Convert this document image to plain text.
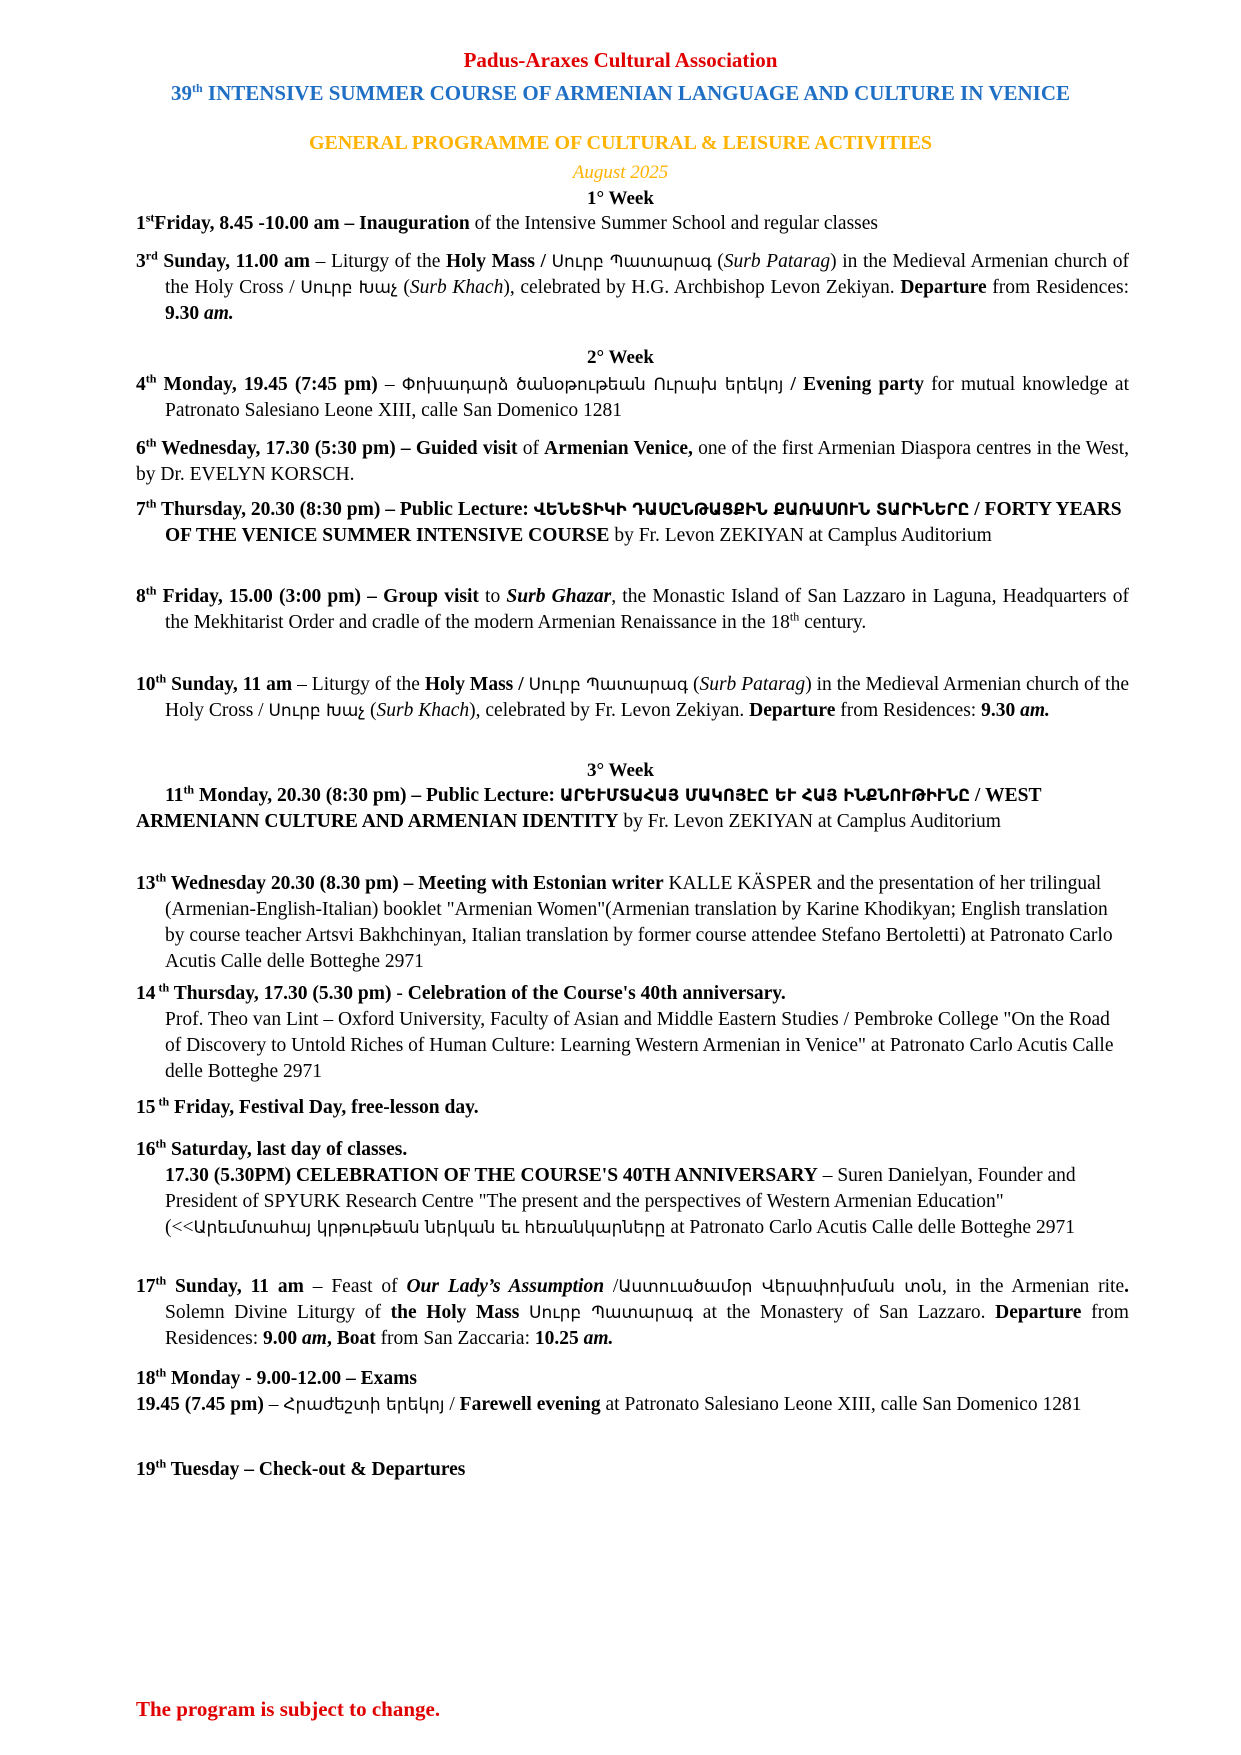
Padus-Araxes Cultural Association
39th INTENSIVE SUMMER COURSE OF ARMENIAN LANGUAGE AND CULTURE IN VENICE
GENERAL PROGRAMME OF CULTURAL & LEISURE ACTIVITIES
August 2025
1° Week
1stFriday, 8.45 -10.00 am – Inauguration of the Intensive Summer School and regular classes
3rd Sunday, 11.00 am – Liturgy of the Holy Mass / Սուրբ Պատարագ (Surb Patarag) in the Medieval Armenian church of the Holy Cross / Սուրբ Խաչ (Surb Khach), celebrated by H.G. Archbishop Levon Zekiyan. Departure from Residences: 9.30 am.
2° Week
4th Monday, 19.45 (7:45 pm) – Փոխադարձ ծանօթութեան Ուրախ երեկոյ / Evening party for mutual knowledge at Patronato Salesiano Leone XIII, calle San Domenico 1281
6th Wednesday, 17.30 (5:30 pm) – Guided visit of Armenian Venice, one of the first Armenian Diaspora centres in the West, by Dr. EVELYN KORSCH.
7th Thursday, 20.30 (8:30 pm) – Public Lecture: ՎԵՆԵՏԻԿԻ ԴԱՍԸՆԹԱՑՔԻՆ ՔԱՌԱՍՈՒՆ ՏԱՐԻՆԵՐԸ / FORTY YEARS OF THE VENICE SUMMER INTENSIVE COURSE by Fr. Levon ZEKIYAN at Camplus Auditorium
8th Friday, 15.00 (3:00 pm) – Group visit to Surb Ghazar, the Monastic Island of San Lazzaro in Laguna, Headquarters of the Mekhitarist Order and cradle of the modern Armenian Renaissance in the 18th century.
10th Sunday, 11 am – Liturgy of the Holy Mass / Սուրբ Պատարագ (Surb Patarag) in the Medieval Armenian church of the Holy Cross / Սուրբ Խաչ (Surb Khach), celebrated by Fr. Levon Zekiyan. Departure from Residences: 9.30 am.
3° Week
11th Monday, 20.30 (8:30 pm) – Public Lecture: ԱՐԵՒՄՏԱՀԱՅ ՄԱԿՈՅԷԸ ԵՒ ՀԱՅ ԻՆՔՆՈՒԹԻՒՆԸ / WEST ARMENIANN CULTURE AND ARMENIAN IDENTITY by Fr. Levon ZEKIYAN at Camplus Auditorium
13th Wednesday 20.30 (8.30 pm) – Meeting with Estonian writer KALLE KÄSPER and the presentation of her trilingual (Armenian-English-Italian) booklet "Armenian Women"(Armenian translation by Karine Khodikyan; English translation by course teacher Artsvi Bakhchinyan, Italian translation by former course attendee Stefano Bertoletti) at Patronato Carlo Acutis Calle delle Botteghe 2971
14 $^{th}$ Thursday, 17.30 (5.30 pm) - Celebration of the Course's 40th anniversary.
Prof. Theo van Lint – Oxford University, Faculty of Asian and Middle Eastern Studies / Pembroke College "On the Road of Discovery to Untold Riches of Human Culture: Learning Western Armenian in Venice" at Patronato Carlo Acutis Calle delle Botteghe 2971
15 $^{th}$ Friday, Festival Day, free-lesson day.
16th Saturday, last day of classes.
17.30 (5.30PM) CELEBRATION OF THE COURSE'S 40TH ANNIVERSARY – Suren Danielyan, Founder and President of SPYURK Research Centre "The present and the perspectives of Western Armenian Education" (<<Արեւմտահայ կրթութեան ներկան եւ հեռանկարները at Patronato Carlo Acutis Calle delle Botteghe 2971
17th Sunday, 11 am – Feast of Our Lady’s Assumption /Աստուածամօր Վերափոխման տօն, in the Armenian rite. Solemn Divine Liturgy of the Holy Mass Սուրբ Պատարագ at the Monastery of San Lazzaro. Departure from Residences: 9.00 am, Boat from San Zaccaria: 10.25 am.
18th Monday - 9.00-12.00 – Exams
19.45 (7.45 pm) – Հրաժեշտի երեկոյ / Farewell evening at Patronato Salesiano Leone XIII, calle San Domenico 1281
19th Tuesday – Check-out & Departures
The program is subject to change.
